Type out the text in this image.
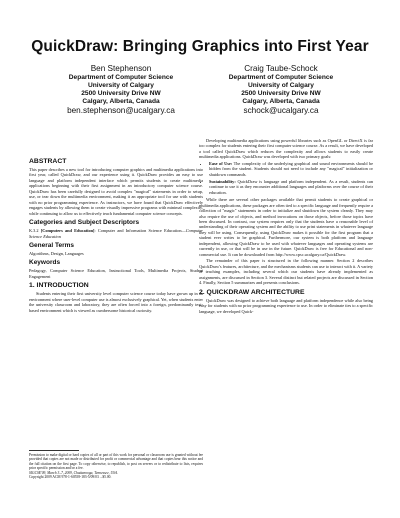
QuickDraw: Bringing Graphics into First Year
Ben Stephenson
Department of Computer Science
University of Calgary
2500 University Drive NW
Calgary, Alberta, Canada
ben.stephenson@ucalgary.ca
Craig Taube-Schock
Department of Computer Science
University of Calgary
2500 University Drive NW
Calgary, Alberta, Canada
schock@ucalgary.ca
ABSTRACT

This paper describes a new tool for introducing computer graphics and multimedia applications into first year, called QuickDraw, and our experience using it. QuickDraw provides an easy to use language and platform independent interface which permits students to create multimedia applications beginning with their first assignment in an introductory computer science course. QuickDraw has been carefully designed to avoid complex "magical" statements in order to setup, use, or tear down the multimedia environment, making it an appropriate tool for use with students with no prior programming experience. As instructors, we have found that QuickDraw effectively engages students by allowing them to create visually impressive programs with minimal complexity, while continuing to allow us to effectively teach fundamental computer science concepts.

Categories and Subject Descriptors

K.3.2 [Computers and Education]: Computer and Information Science Education—Computer Science Education

General Terms

Algorithms, Design, Languages

Keywords

Pedagogy, Computer Science Education, Instructional Tools, Multimedia Projects, Student Engagement

1. INTRODUCTION

Students entering their first university level computer science course today have grown up in an environment where user-level computer use is almost exclusively graphical. Yet, when students enter the university classroom and laboratory, they are often forced into a foreign, predominantly text-based environment which is viewed as cumbersome historical curiosity.

Permission to make digital or hard copies of all or part of this work for personal or classroom use is granted without fee provided that copies are not made or distributed for profit or commercial advantage and that copies bear this notice and the full citation on the first page. To copy otherwise, to republish, to post on servers or to redistribute to lists, requires prior specific permission and/or a fee.

SIGCSE'09, March 3–7, 2009, Chattanooga, Tennessee, USA.

Copyright 2009 ACM 978-1-60558-183-5/09/03 ...$5.00.

Developing multimedia applications using powerful libraries such as OpenGL or DirectX is far too complex for students entering their first computer science course. As a result, we have developed a tool called QuickDraw which reduces the complexity and allows students to easily create multimedia applications. QuickDraw was developed with two primary goals:

• Ease of Use: The complexity of the underlying graphical and sound environments should be hidden from the student. Students should not need to include any "magical" initialization or shutdown commands.
• Sustainability: QuickDraw is language and platform independent. As a result, students can continue to use it as they encounter additional languages and platforms over the course of their education.

While there are several other packages available that permit students to create graphical or multimedia applications, these packages are often tied to a specific language and frequently require a collection of "magic" statements in order to initialize and shutdown the system cleanly. They may also require the use of objects, and method invocations on those objects, before those topics have been discussed. In contrast, our system requires only that the students have a reasonable level of understanding of their operating system and the ability to use print statements in whatever language they will be using. Consequently, using QuickDraw makes it possible for the first program that a student ever writes to be graphical. Furthermore, our system is both platform and language independent, allowing QuickDraw to be used with whatever languages and operating systems are currently in use, or that will be in use in the future. QuickDraw is free for Educational and non-commercial use. It can be downloaded from http://www.cpsc.ucalgary.ca/QuickDraw.

The remainder of this paper is structured in the following manner. Section 2 describes QuickDraw's features, architecture, and the mechanisms students can use to interact with it. A variety of teaching examples, including several which our students have already implemented as assignments, are discussed in Section 3. Several distinct but related projects are discussed in Section 4. Finally, Section 5 summarizes and presents conclusions.

2. QUICKDRAW ARCHITECTURE

QuickDraw was designed to achieve both language and platform independence while also being easy for students with no prior programming experience to use. In order to eliminate ties to a specific language, we developed Quick-
